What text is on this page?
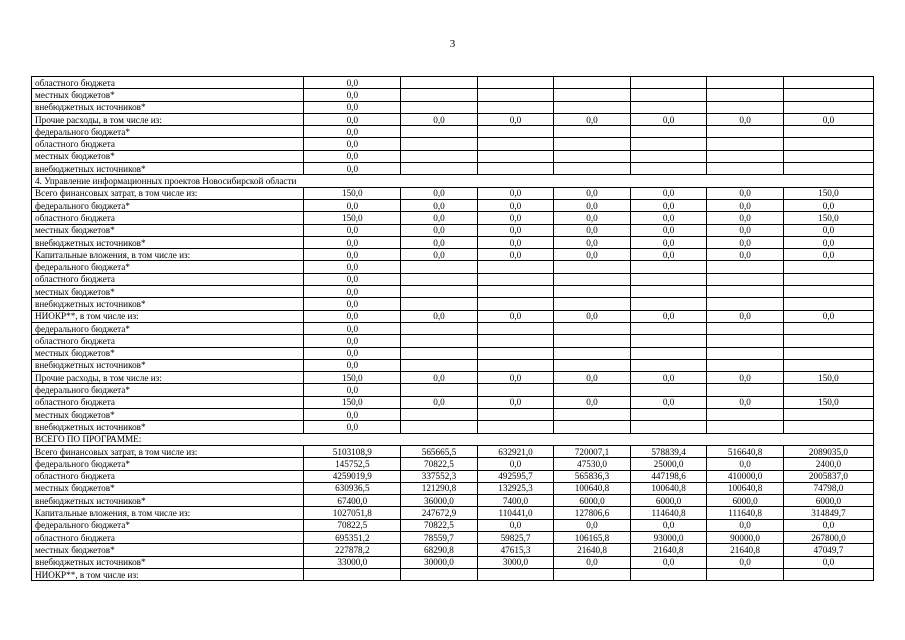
3
областного бюджета	0,0						
местных бюджетов*	0,0						
внебюджетных источников*	0,0						
Прочие расходы, в том числе из:	0,0	0,0	0,0	0,0	0,0	0,0	0,0
федерального бюджета*	0,0						
областного бюджета	0,0						
местных бюджетов*	0,0						
внебюджетных источников*	0,0						
4. Управление информационных проектов Новосибирской области							
Всего финансовых затрат, в том числе из:	150,0	0,0	0,0	0,0	0,0	0,0	150,0
федерального бюджета*	0,0	0,0	0,0	0,0	0,0	0,0	0,0
областного бюджета	150,0	0,0	0,0	0,0	0,0	0,0	150,0
местных бюджетов*	0,0	0,0	0,0	0,0	0,0	0,0	0,0
внебюджетных источников*	0,0	0,0	0,0	0,0	0,0	0,0	0,0
Капитальные вложения, в том числе из:	0,0	0,0	0,0	0,0	0,0	0,0	0,0
федерального бюджета*	0,0						
областного бюджета	0,0						
местных бюджетов*	0,0						
внебюджетных источников*	0,0						
НИОКР**, в том числе из:	0,0	0,0	0,0	0,0	0,0	0,0	0,0
федерального бюджета*	0,0						
областного бюджета	0,0						
местных бюджетов*	0,0						
внебюджетных источников*	0,0						
Прочие расходы, в том числе из:	150,0	0,0	0,0	0,0	0,0	0,0	150,0
федерального бюджета*	0,0						
областного бюджета	150,0	0,0	0,0	0,0	0,0	0,0	150,0
местных бюджетов*	0,0						
внебюджетных источников*	0,0						
ВСЕГО ПО ПРОГРАММЕ:							
Всего финансовых затрат, в том числе из:	5103108,9	565665,5	632921,0	720007,1	578839,4	516640,8	2089035,0
федерального бюджета*	145752,5	70822,5	0,0	47530,0	25000,0	0,0	2400,0
областного бюджета	4259019,9	337552,3	492595,7	565836,3	447198,6	410000,0	2005837,0
местных бюджетов*	630936,5	121290,8	132925,3	100640,8	100640,8	100640,8	74798,0
внебюджетных источников*	67400,0	36000,0	7400,0	6000,0	6000,0	6000,0	6000,0
Капитальные вложения, в том числе из:	1027051,8	247672,9	110441,0	127806,6	114640,8	111640,8	314849,7
федерального бюджета*	70822,5	70822,5	0,0	0,0	0,0	0,0	0,0
областного бюджета	695351,2	78559,7	59825,7	106165,8	93000,0	90000,0	267800,0
местных бюджетов*	227878,2	68290,8	47615,3	21640,8	21640,8	21640,8	47049,7
внебюджетных источников*	33000,0	30000,0	3000,0	0,0	0,0	0,0	0,0
НИОКР**, в том числе из:							
